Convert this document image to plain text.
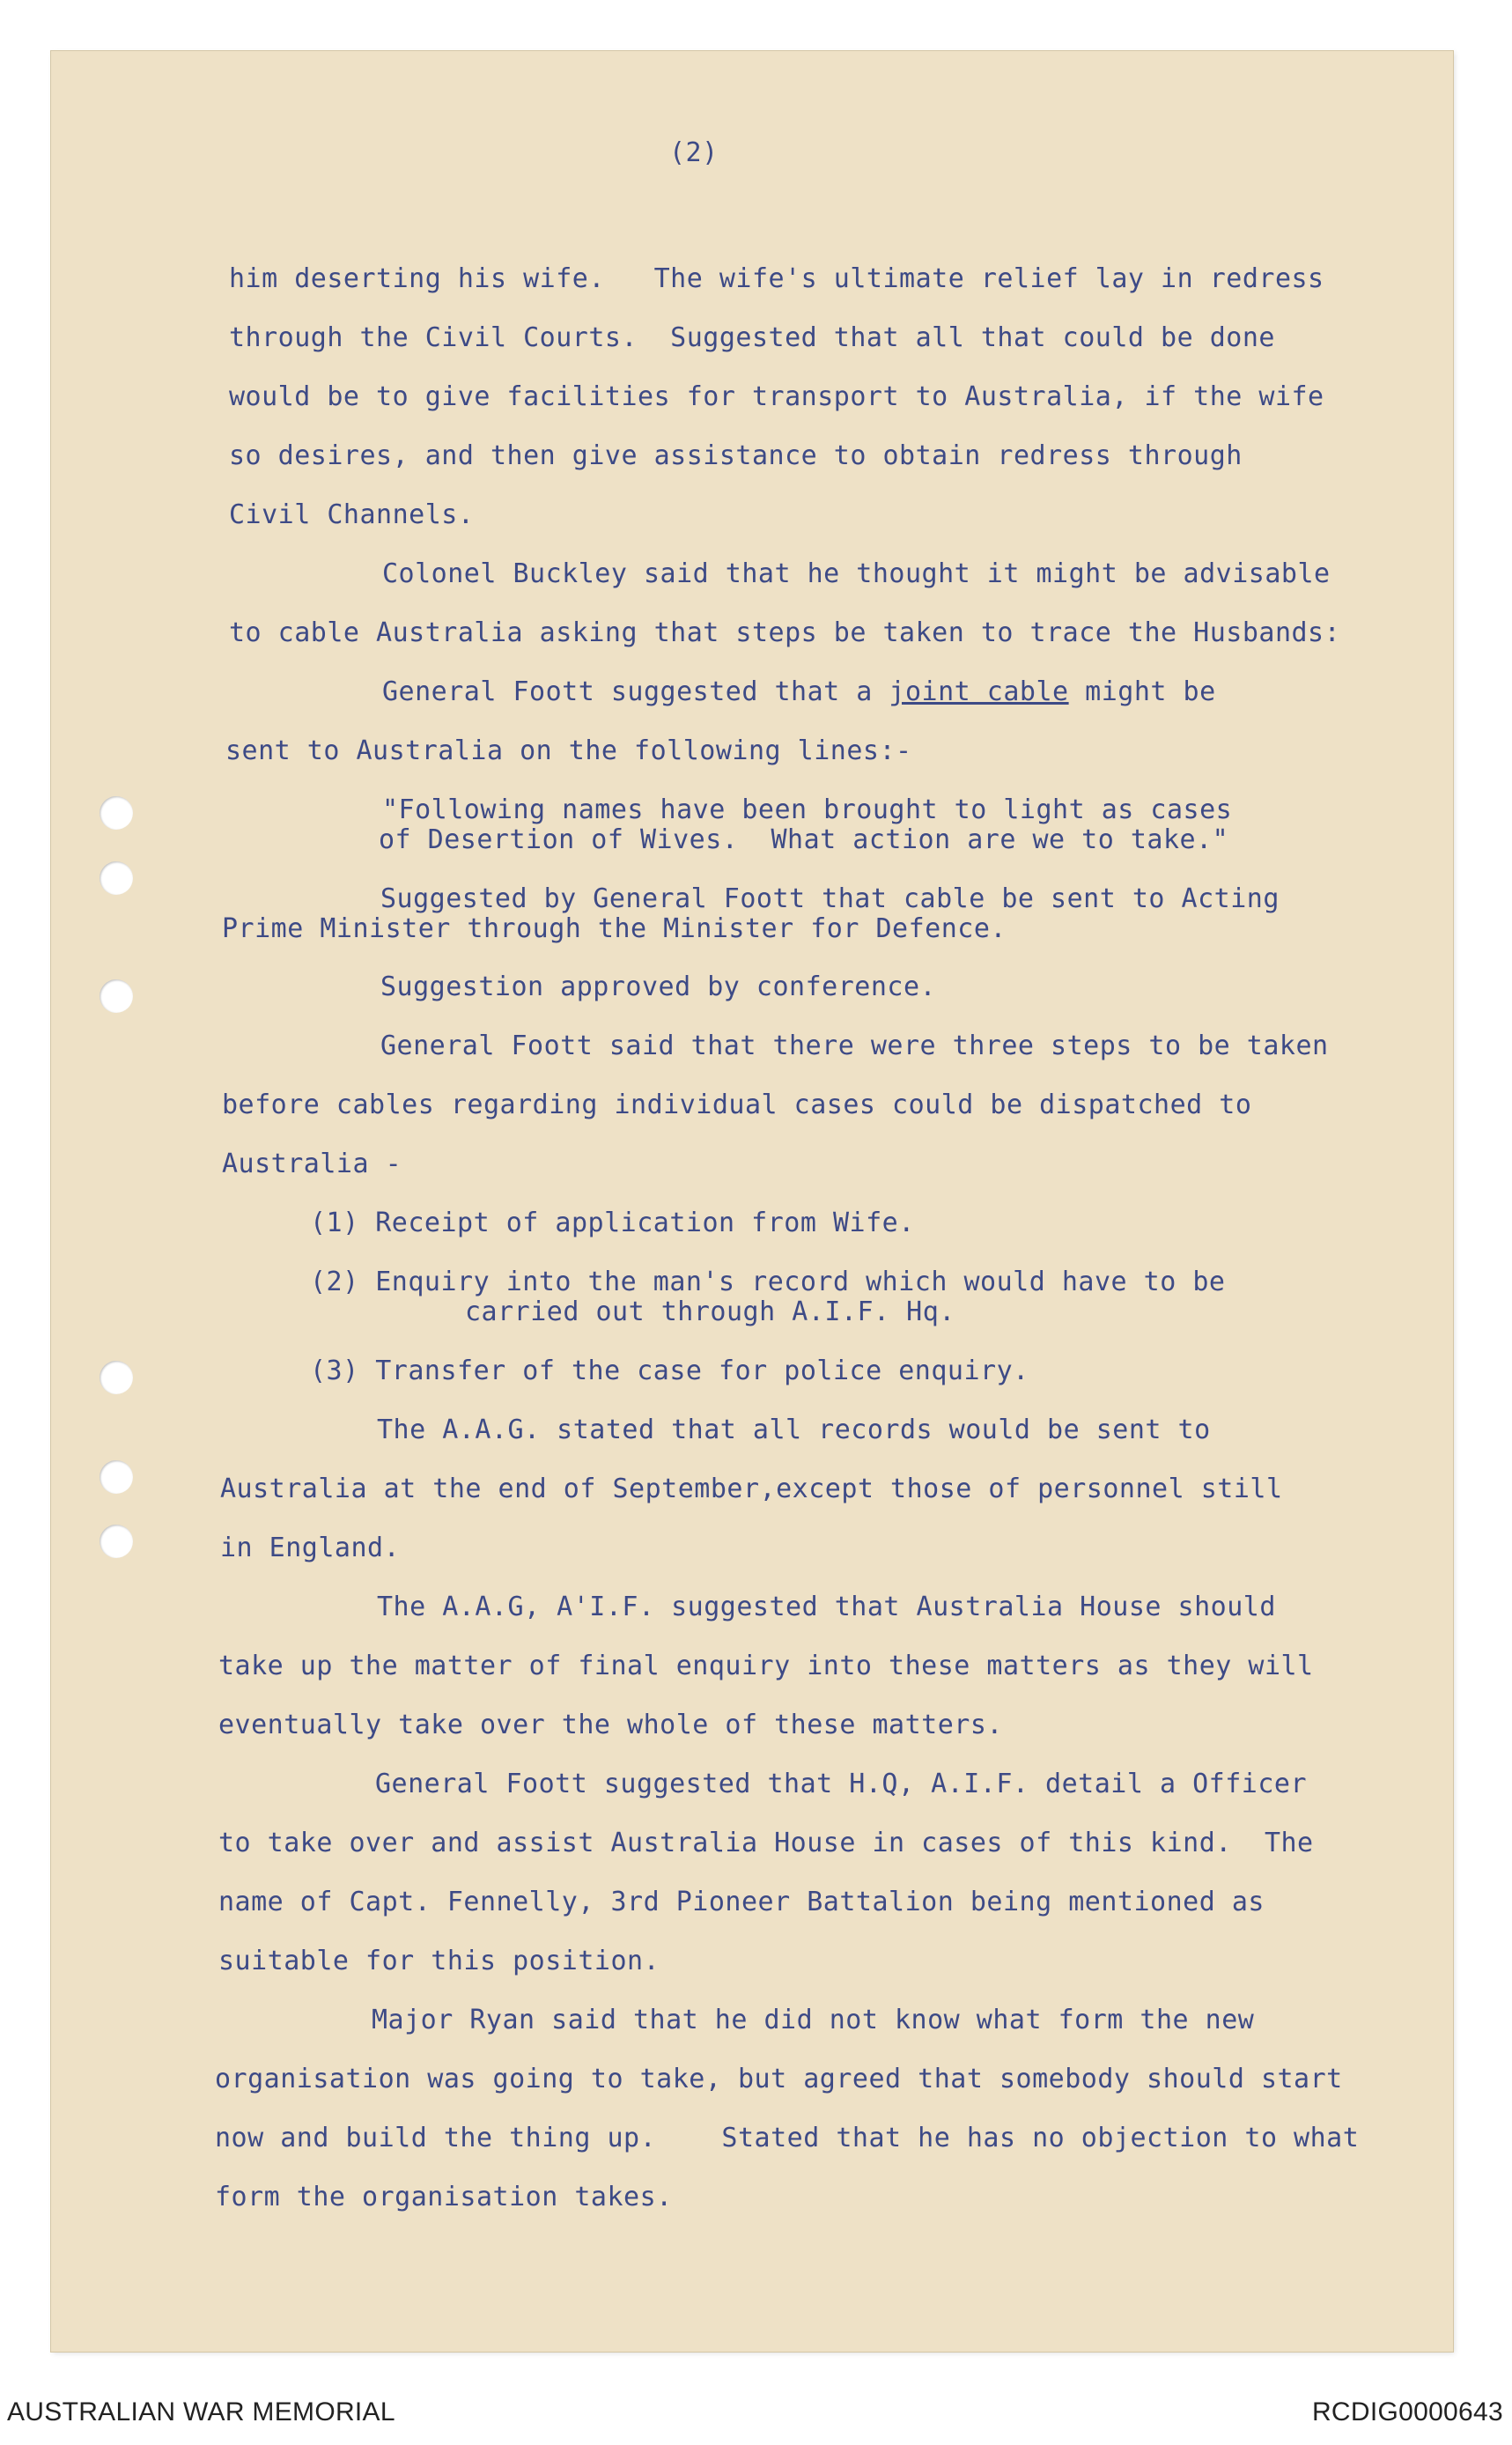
(2)
him deserting his wife.   The wife's ultimate relief lay in redress
through the Civil Courts.  Suggested that all that could be done
would be to give facilities for transport to Australia, if the wife
so desires, and then give assistance to obtain redress through
Civil Channels.
Colonel Buckley said that he thought it might be advisable
to cable Australia asking that steps be taken to trace the Husbands:
General Foott suggested that a joint cable might be
sent to Australia on the following lines:-
"Following names have been brought to light as cases
of Desertion of Wives.  What action are we to take."
Suggested by General Foott that cable be sent to Acting
Prime Minister through the Minister for Defence.
Suggestion approved by conference.
General Foott said that there were three steps to be taken
before cables regarding individual cases could be dispatched to
Australia -
(1) Receipt of application from Wife.
(2) Enquiry into the man's record which would have to be
carried out through A.I.F. Hq.
(3) Transfer of the case for police enquiry.
The A.A.G. stated that all records would be sent to
Australia at the end of September,except those of personnel still
in England.
The A.A.G, A'I.F. suggested that Australia House should
take up the matter of final enquiry into these matters as they will
eventually take over the whole of these matters.
General Foott suggested that H.Q, A.I.F. detail a Officer
to take over and assist Australia House in cases of this kind.  The
name of Capt. Fennelly, 3rd Pioneer Battalion being mentioned as
suitable for this position.
Major Ryan said that he did not know what form the new
organisation was going to take, but agreed that somebody should start
now and build the thing up.    Stated that he has no objection to what
form the organisation takes.
AUSTRALIAN WAR MEMORIAL	RCDIG0000643
